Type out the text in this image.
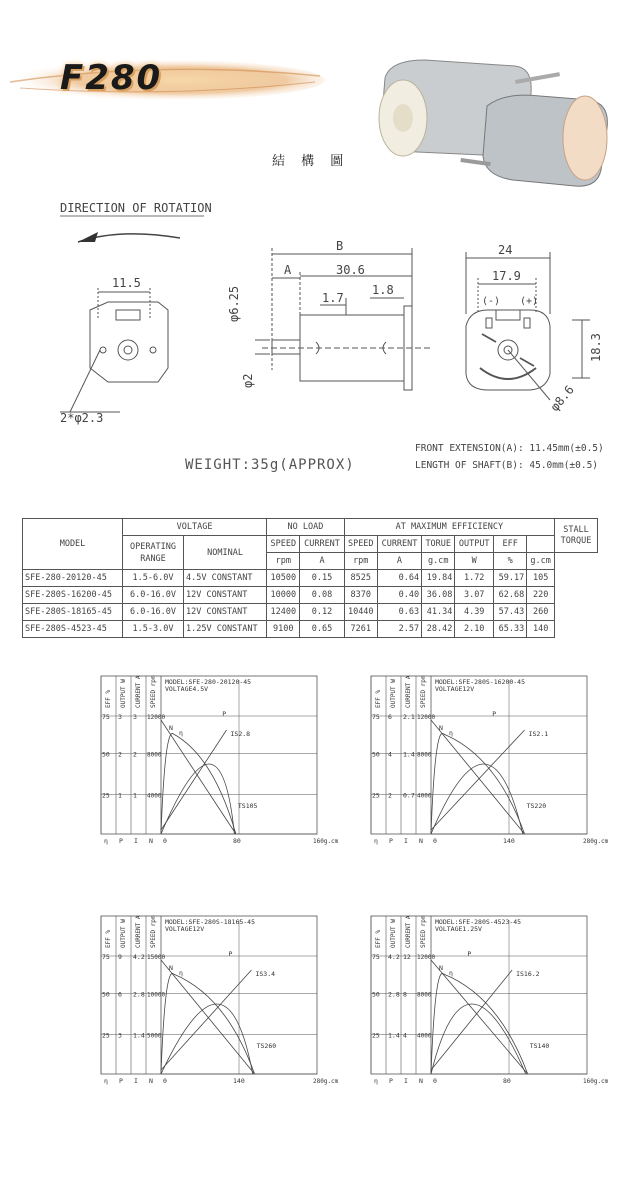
F280
結 構 圖
DIRECTION OF ROTATION
11.5
2*φ2.3
B
A	30.6
1.7
1.8
φ6.25
φ2
24
17.9
(-) (+)
18.3
φ8.6
WEIGHT:35g(APPROX)
FRONT EXTENSION(A): 11.45mm(±0.5)
LENGTH OF SHAFT(B): 45.0mm(±0.5)
MODEL	VOLTAGE		NO LOAD		AT MAXIMUM EFFICIENCY						STALL TORQUE
	OPERATING RANGE	NOMINAL	SPEED	CURRENT	SPEED	CURRENT	TORUE	OUTPUT	EFF		
			rpm	A	rpm	A	g.cm	W	%	g.cm	
SFE-280-20120-45	1.5-6.0V	4.5V CONSTANT	10500	0.15	8525	0.64	19.84	1.72	59.17	105	
SFE-280S-16200-45	6.0-16.0V	12V CONSTANT	10000	0.08	8370	0.40	36.08	3.07	62.68	220	
SFE-280S-18165-45	6.0-16.0V	12V CONSTANT	12400	0.12	10440	0.63	41.34	4.39	57.43	260	
SFE-280S-4523-45	1.5-3.0V	1.25V CONSTANT	9100	0.65	7261	2.57	28.42	2.10	65.33	140	
EFF % OUTPUT W CURRENT A SPEED rpm
75 3 3 12000
50 2 2 8000
25 1 1 4000
MODEL:SFE-280-20120-45
VOLTAGE4.5V
N
η
P
IS2.8
TS105
0	80	160g.cm
η P I N
EFF % OUTPUT W CURRENT A SPEED rpm
75 6 2.1 12000
50 4 1.4 8000
25 2 0.7 4000
MODEL:SFE-280S-16200-45
VOLTAGE12V
N
η
P
IS2.1
TS220
0	140	280g.cm
η P I N
EFF % OUTPUT W CURRENT A SPEED rpm
75 9 4.2 15000
50 6 2.8 10000
25 3 1.4 5000
MODEL:SFE-280S-18165-45
VOLTAGE12V
N
η
P
IS3.4
TS260
0	140	280g.cm
η P I N
EFF % OUTPUT W CURRENT A SPEED rpm
75 4.2 12 12000
50 2.8 8 8000
25 1.4 4 4000
MODEL:SFE-280S-4523-45
VOLTAGE1.25V
N
η
P
IS16.2
TS140
0	80	160g.cm
η P I N
